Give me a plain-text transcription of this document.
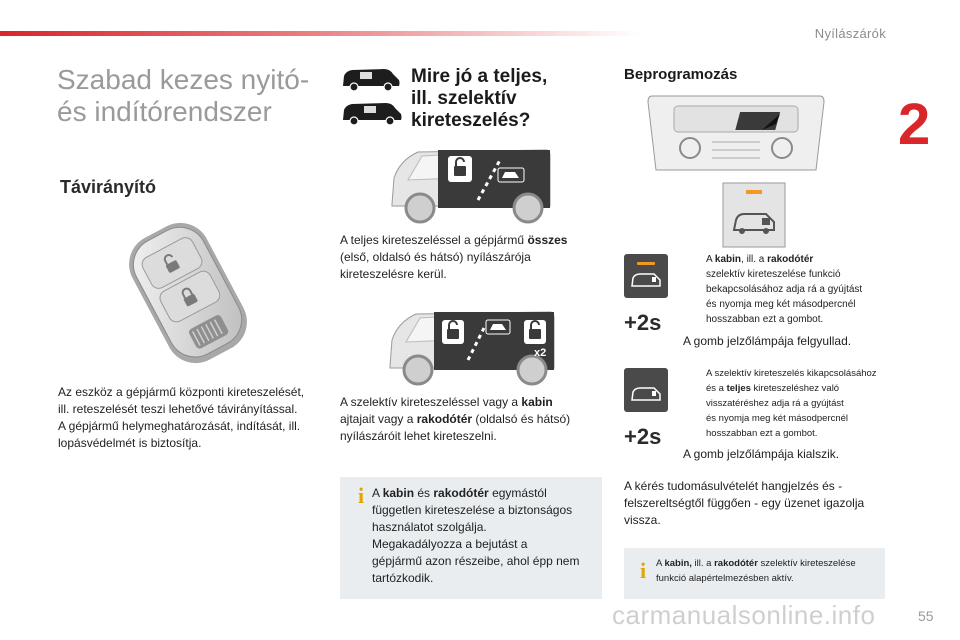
Nyílászárók
2
Szabad kezes nyitó-
és indítórendszer
Távirányító
Az eszköz a gépjármű központi kireteszelését,
ill. reteszelését teszi lehetővé távirányítással.
A gépjármű helymeghatározását, indítását, ill.
lopásvédelmét is biztosítja.
Mire jó a teljes,
ill. szelektív
kireteszelés?
A teljes kireteszeléssel a gépjármű összes
(első, oldalsó és hátsó) nyílászárója
kireteszelésre kerül.
x2
A szelektív kireteszeléssel vagy a kabin
ajtajait vagy a rakodótér (oldalsó és hátsó)
nyílászáróit lehet kireteszelni.
i A kabin és rakodótér egymástól
független kireteszelése a biztonságos
használatot szolgálja.
Megakadályozza a bejutást a
gépjármű azon részeibe, ahol épp nem
tartózkodik.
Beprogramozás
+2s
A kabin, ill. a rakodótér
szelektív kireteszelése funkció
bekapcsolásához adja rá a gyújtást
és nyomja meg két másodpercnél
hosszabban ezt a gombot.
A gomb jelzőlámpája felgyullad.
+2s
A szelektív kireteszelés kikapcsolásához
és a teljes kireteszeléshez való
visszatéréshez adja rá a gyújtást
és nyomja meg két másodpercnél
hosszabban ezt a gombot.
A gomb jelzőlámpája kialszik.
A kérés tudomásulvételét hangjelzés és -
felszereltségtől függően - egy üzenet igazolja
vissza.
i	A kabin, ill. a rakodótér szelektív kireteszelése
funkció alapértelmezésben aktív.
carmanualsonline.info	55
